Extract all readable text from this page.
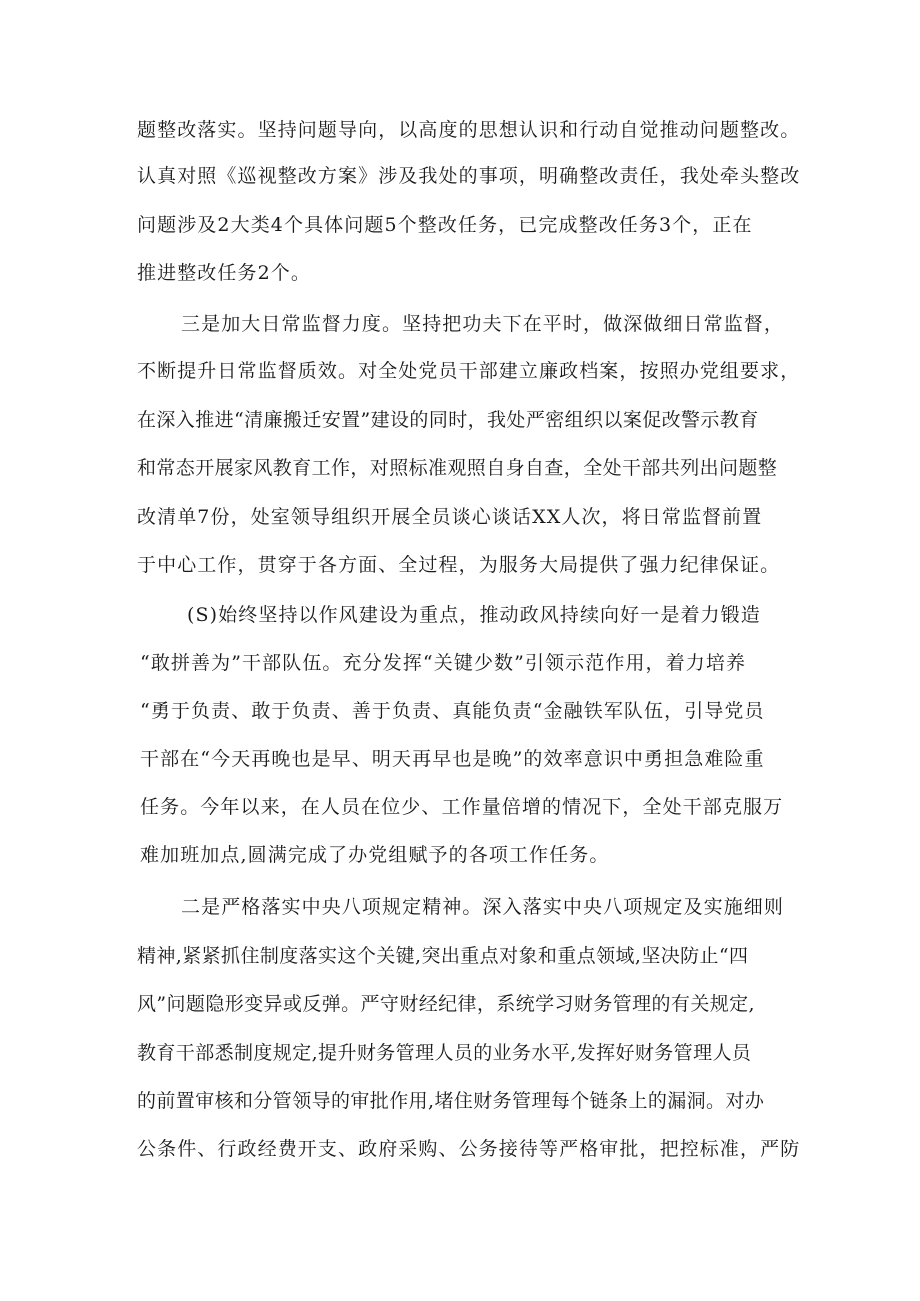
题整改落实。坚持问题导向，以高度的思想认识和行动自觉推动问题整改。
认真对照《巡视整改方案》涉及我处的事项，明确整改责任，我处牵头整改
问题涉及2大类4个具体问题5个整改任务，已完成整改任务3个，正在
推进整改任务2个。
三是加大日常监督力度。坚持把功夫下在平时，做深做细日常监督，
不断提升日常监督质效。对全处党员干部建立廉政档案，按照办党组要求，
在深入推进“清廉搬迁安置”建设的同时，我处严密组织以案促改警示教育
和常态开展家风教育工作，对照标准观照自身自查，全处干部共列出问题整
改清单7份，处室领导组织开展全员谈心谈话XX人次，将日常监督前置
于中心工作，贯穿于各方面、全过程，为服务大局提供了强力纪律保证。
(S)始终坚持以作风建设为重点，推动政风持续向好一是着力锻造
“敢拼善为”干部队伍。充分发挥“关键少数”引领示范作用，着力培养
“勇于负责、敢于负责、善于负责、真能负责“金融铁军队伍，引导党员
干部在“今天再晚也是早、明天再早也是晚”的效率意识中勇担急难险重
任务。今年以来，在人员在位少、工作量倍增的情况下，全处干部克服万
难加班加点,圆满完成了办党组赋予的各项工作任务。
二是严格落实中央八项规定精神。深入落实中央八项规定及实施细则
精神,紧紧抓住制度落实这个关键,突出重点对象和重点领域,坚决防止“四
风”问题隐形变异或反弹。严守财经纪律，系统学习财务管理的有关规定,
教育干部悉制度规定,提升财务管理人员的业务水平,发挥好财务管理人员
的前置审核和分管领导的审批作用,堵住财务管理每个链条上的漏洞。对办
公条件、行政经费开支、政府采购、公务接待等严格审批，把控标准，严防
